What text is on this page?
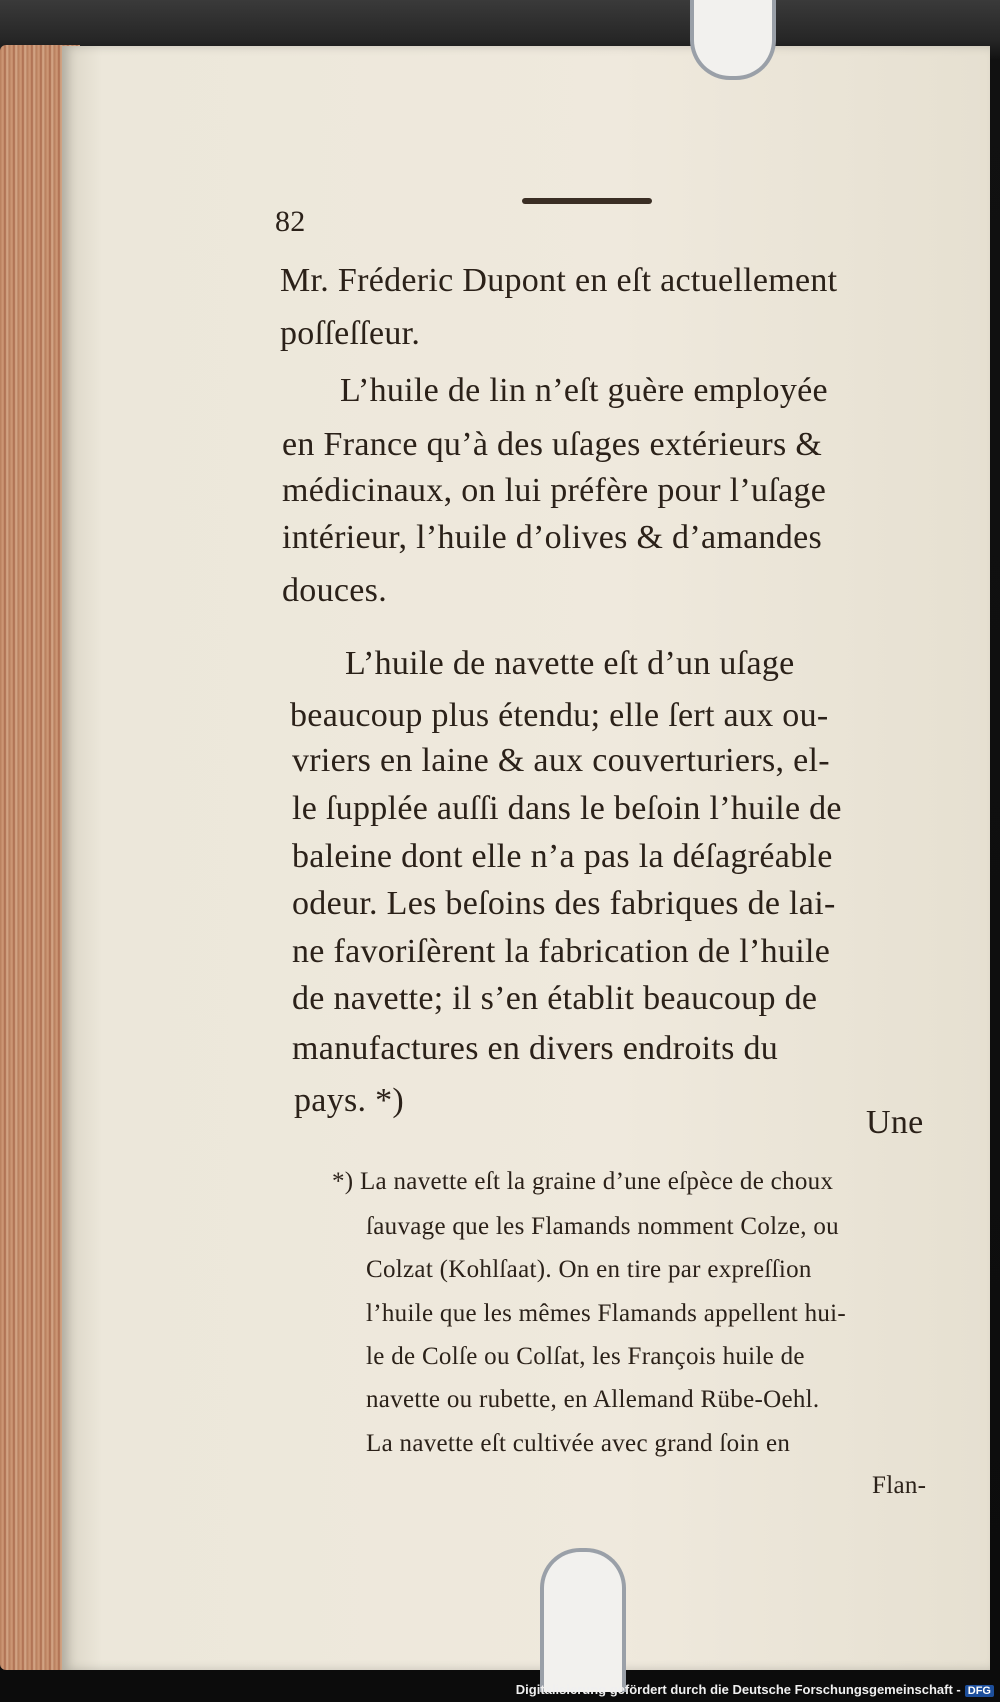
82
Mr. Fréderic Dupont en eſt actuellement
poſſeſſeur.
L’huile de lin n’eſt guère employée
en France qu’à des uſages extérieurs &
médicinaux, on lui préfère pour l’uſage
intérieur, l’huile d’olives & d’amandes
douces.
L’huile de navette eſt d’un uſage
beaucoup plus étendu; elle ſert aux ou-
vriers en laine & aux couverturiers, el-
le ſupplée auſſi dans le beſoin l’huile de
baleine dont elle n’a pas la déſagréable
odeur. Les beſoins des fabriques de lai-
ne favoriſèrent la fabrication de l’huile
de navette; il s’en établit beaucoup de
manufactures en divers endroits du
pays. *)
Une
*) La navette eſt la graine d’une eſpèce de choux
ſauvage que les Flamands nomment Colze, ou
Colzat (Kohlſaat). On en tire par expreſſion
l’huile que les mêmes Flamands appellent hui-
le de Colſe ou Colſat, les François huile de
navette ou rubette, en Allemand Rübe-Oehl.
La navette eſt cultivée avec grand ſoin en
Flan-
Digitalisierung gefördert durch die Deutsche Forschungsgemeinschaft - DFG
